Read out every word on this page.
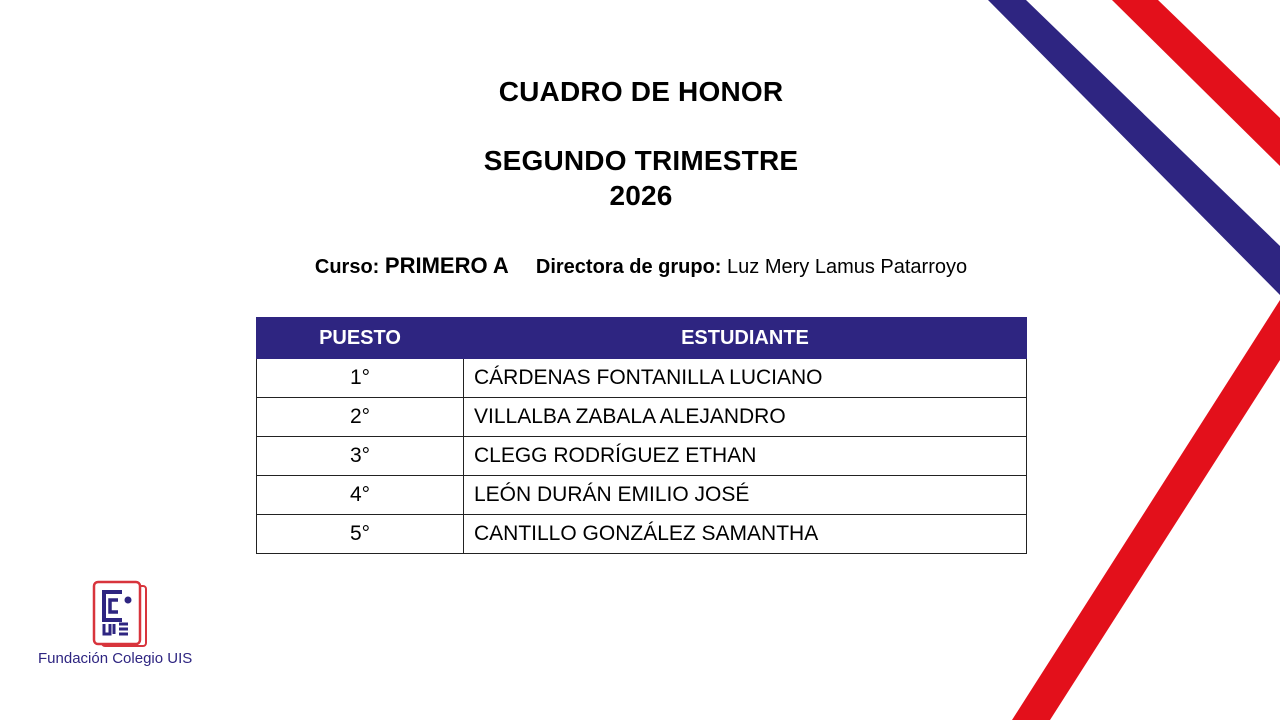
CUADRO DE HONOR
SEGUNDO TRIMESTRE
2026
Curso: PRIMERO A Directora de grupo: Luz Mery Lamus Patarroyo
PUESTO	ESTUDIANTE
1°	CÁRDENAS FONTANILLA LUCIANO
2°	VILLALBA ZABALA ALEJANDRO
3°	CLEGG RODRÍGUEZ ETHAN
4°	LEÓN DURÁN EMILIO JOSÉ
5°	CANTILLO GONZÁLEZ SAMANTHA
Fundación Colegio UIS
